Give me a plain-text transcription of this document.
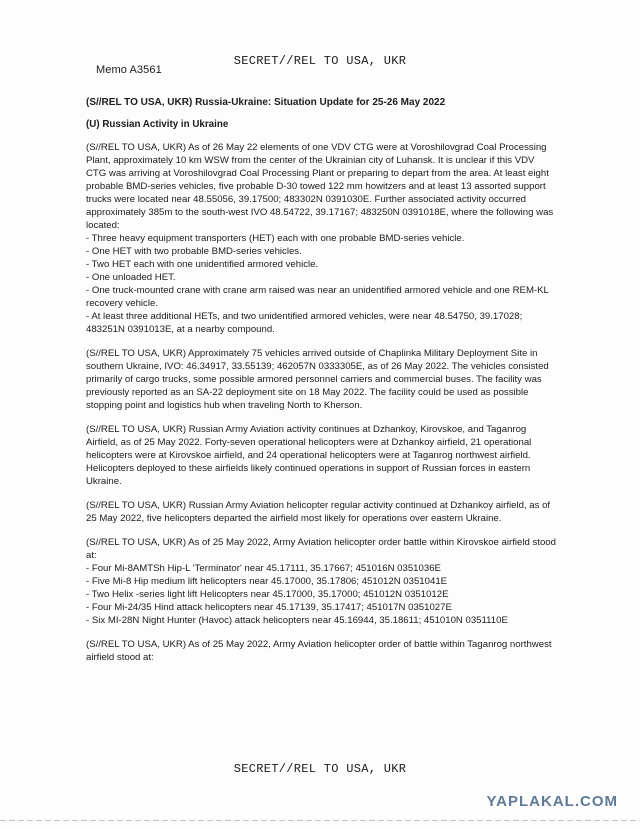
Memo A3561
SECRET//REL TO USA, UKR
(S//REL TO USA, UKR) Russia-Ukraine: Situation Update for 25-26 May 2022
(U) Russian Activity in Ukraine

(S//REL TO USA, UKR) As of 26 May 22 elements of one VDV CTG were at Voroshilovgrad Coal Processing Plant, approximately 10 km WSW from the center of the Ukrainian city of Luhansk. It is unclear if this VDV CTG was arriving at Voroshilovgrad Coal Processing Plant or preparing to depart from the area. At least eight probable BMD-series vehicles, five probable D-30 towed 122 mm howitzers and at least 13 assorted support trucks were located near 48.55056, 39.17500; 483302N 0391030E. Further associated activity occurred approximately 385m to the south-west IVO 48.54722, 39.17167; 483250N 0391018E, where the following was located:

- Three heavy equipment transporters (HET) each with one probable BMD-series vehicle.

- One HET with two probable BMD-series vehicles.

- Two HET each with one unidentified armored vehicle.

- One unloaded HET.

- One truck-mounted crane with crane arm raised was near an unidentified armored vehicle and one REM-KL recovery vehicle.

- At least three additional HETs, and two unidentified armored vehicles, were near 48.54750, 39.17028; 483251N 0391013E, at a nearby compound.

(S//REL TO USA, UKR) Approximately 75 vehicles arrived outside of Chaplinka Military Deployment Site in southern Ukraine, IVO: 46.34917, 33.55139; 462057N 0333305E, as of 26 May 2022. The vehicles consisted primarily of cargo trucks, some possible armored personnel carriers and commercial buses. The facility was previously reported as an SA-22 deployment site on 18 May 2022. The facility could be used as possible stopping point and logistics hub when traveling North to Kherson.

(S//REL TO USA, UKR) Russian Army Aviation activity continues at Dzhankoy, Kirovskoe, and Taganrog Airfield, as of 25 May 2022. Forty-seven operational helicopters were at Dzhankoy airfield, 21 operational helicopters were at Kirovskoe airfield, and 24 operational helicopters were at Taganrog northwest airfield. Helicopters deployed to these airfields likely continued operations in support of Russian forces in eastern Ukraine.

(S//REL TO USA, UKR) Russian Army Aviation helicopter regular activity continued at Dzhankoy airfield, as of 25 May 2022, five helicopters departed the airfield most likely for operations over eastern Ukraine.

(S//REL TO USA, UKR) As of 25 May 2022, Army Aviation helicopter order battle within Kirovskoe airfield stood at:

- Four Mi-8AMTSh Hip-L 'Terminator' near 45.17111, 35.17667; 451016N 0351036E

- Five Mi-8 Hip medium lift helicopters near 45.17000, 35.17806; 451012N 0351041E

- Two Helix -series light lift Helicopters near 45.17000, 35.17000; 451012N 0351012E

- Four Mi-24/35 Hind attack helicopters near 45.17139, 35.17417; 451017N 0351027E

- Six MI-28N Night Hunter (Havoc) attack helicopters near 45.16944, 35.18611; 451010N 0351110E

(S//REL TO USA, UKR) As of 25 May 2022, Army Aviation helicopter order of battle within Taganrog northwest airfield stood at:

SECRET//REL TO USA, UKR
YAPLAKAL.COM
